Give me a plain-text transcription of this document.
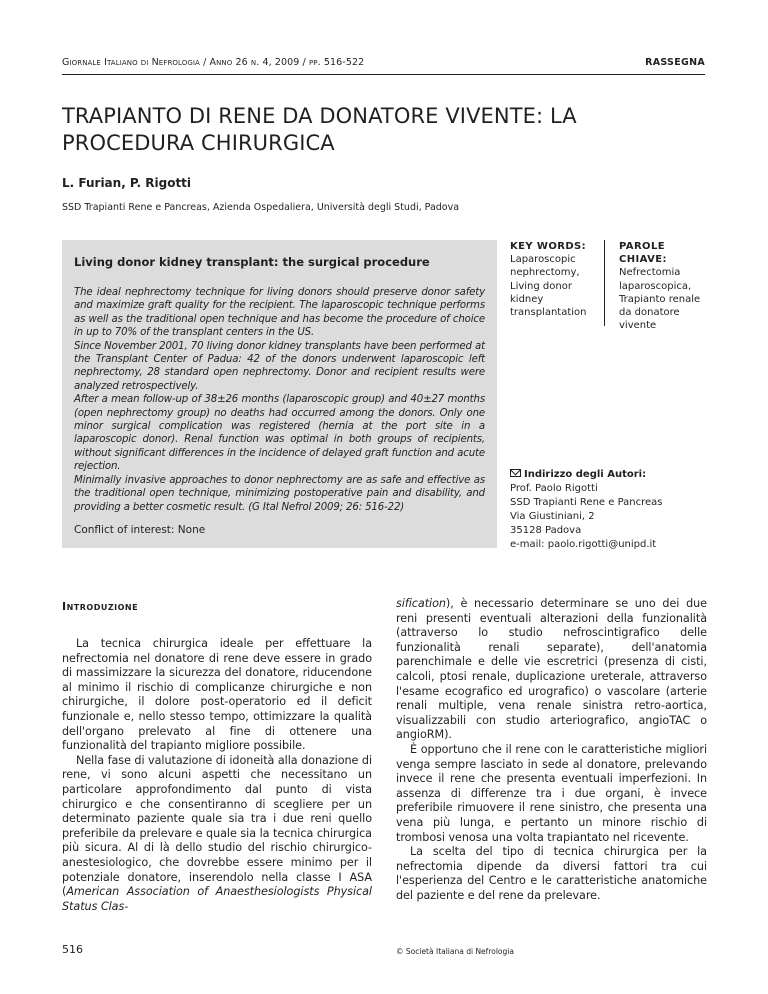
Giornale Italiano di Nefrologia / Anno 26 n. 4, 2009 / pp. 516-522	RASSEGNA
TRAPIANTO DI RENE DA DONATORE VIVENTE: LA PROCEDURA CHIRURGICA
L. Furian, P. Rigotti
SSD Trapianti Rene e Pancreas, Azienda Ospedaliera, Università degli Studi, Padova
Living donor kidney transplant: the surgical procedure

The ideal nephrectomy technique for living donors should preserve donor safety and maximize graft quality for the recipient. The laparoscopic technique performs as well as the traditional open technique and has become the procedure of choice in up to 70% of the transplant centers in the US.

Since November 2001, 70 living donor kidney transplants have been performed at the Transplant Center of Padua: 42 of the donors underwent laparoscopic left nephrectomy, 28 standard open nephrectomy. Donor and recipient results were analyzed retrospectively.

After a mean follow-up of 38±26 months (laparoscopic group) and 40±27 months (open nephrectomy group) no deaths had occurred among the donors. Only one minor surgical complication was registered (hernia at the port site in a laparoscopic donor). Renal function was optimal in both groups of recipients, without significant differences in the incidence of delayed graft function and acute rejection.

Minimally invasive approaches to donor nephrectomy are as safe and effective as the traditional open technique, minimizing postoperative pain and disability, and providing a better cosmetic result. (G Ital Nefrol 2009; 26: 516-22)

Conflict of interest: None
KEY WORDS:
Laparoscopic nephrectomy, Living donor kidney transplantation
PAROLE CHIAVE:
Nefrectomia laparoscopica, Trapianto renale da donatore vivente
Indirizzo degli Autori:
Prof. Paolo Rigotti
SSD Trapianti Rene e Pancreas
Via Giustiniani, 2
35128 Padova
e-mail: paolo.rigotti@unipd.it
Introduzione

La tecnica chirurgica ideale per effettuare la nefrectomia nel donatore di rene deve essere in grado di massimizzare la sicurezza del donatore, riducendone al minimo il rischio di complicanze chirurgiche e non chirurgiche, il dolore post-operatorio ed il deficit funzionale e, nello stesso tempo, ottimizzare la qualità dell'organo prelevato al fine di ottenere una funzionalità del trapianto migliore possibile.

Nella fase di valutazione di idoneità alla donazione di rene, vi sono alcuni aspetti che necessitano un particolare approfondimento dal punto di vista chirurgico e che consentiranno di scegliere per un determinato paziente quale sia tra i due reni quello preferibile da prelevare e quale sia la tecnica chirurgica più sicura. Al di là dello studio del rischio chirurgico-anestesiologico, che dovrebbe essere minimo per il potenziale donatore, inserendolo nella classe I ASA (American Association of Anaesthesiologists Physical Status Clas-

sification), è necessario determinare se uno dei due reni presenti eventuali alterazioni della funzionalità (attraverso lo studio nefroscintigrafico delle funzionalità renali separate), dell'anatomia parenchimale e delle vie escretrici (presenza di cisti, calcoli, ptosi renale, duplicazione ureterale, attraverso l'esame ecografico ed urografico) o vascolare (arterie renali multiple, vena renale sinistra retro-aortica, visualizzabili con studio arteriografico, angioTAC o angioRM).

È opportuno che il rene con le caratteristiche migliori venga sempre lasciato in sede al donatore, prelevando invece il rene che presenta eventuali imperfezioni. In assenza di differenze tra i due organi, è invece preferibile rimuovere il rene sinistro, che presenta una vena più lunga, e pertanto un minore rischio di trombosi venosa una volta trapiantato nel ricevente.

La scelta del tipo di tecnica chirurgica per la nefrectomia dipende da diversi fattori tra cui l'esperienza del Centro e le caratteristiche anatomiche del paziente e del rene da prelevare.

516	© Società Italiana di Nefrologia
